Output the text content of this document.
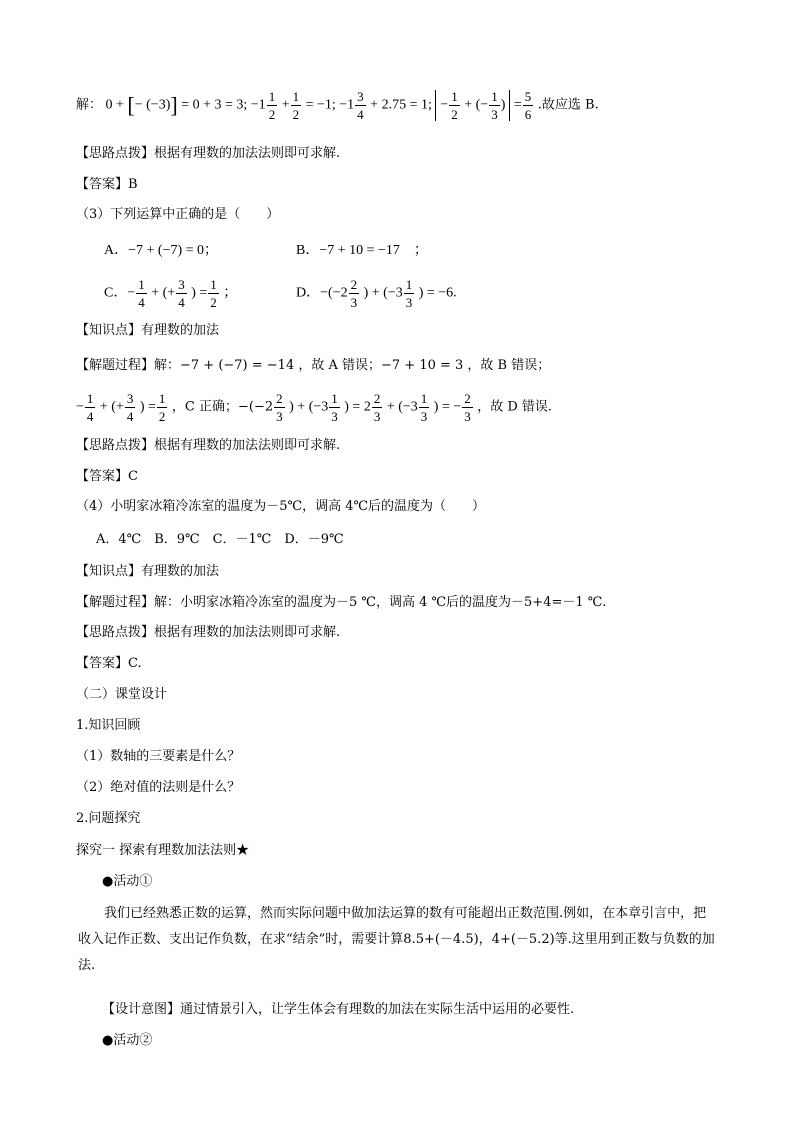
解： 0 + [− (−3)] = 0 + 3 = 3; $-1 \frac{1}{2} + \frac{1}{2} = -1$; $-1 \frac{3}{4} + 2.75 = 1$; − $\frac{1}{2}$ + (− $\frac{1}{3}$ ) = $\frac{5}{6}$ .故应选 B.
【思路点拨】根据有理数的加法法则即可求解.
【答案】B
（3）下列运算中正确的是（　　）
A．−7 + (−7) = 0；	B．−7 + 10 = −17　；
C．− $\frac{1}{4}$ + (+ $\frac{3}{4}$ ) = $\frac{1}{2}$ ；	D．$-(-2 \frac{2}{3}$ ) + ($-3 \frac{1}{3}$ ) = −6.
【知识点】有理数的加法
【解题过程】解：−7 + (−7) = −14 ，故 A 错误；−7 + 10 = 3 ，故 B 错误；
− $\frac{1}{4}$ + (+ $\frac{3}{4}$ ) = $\frac{1}{2}$ ，C 正确；$-(-2 \frac{2}{3}$ ) + ($-3 \frac{1}{3}$ ) = $2 \frac{2}{3} + (-3 \frac{1}{3}$ ) = − $\frac{2}{3}$ ，故 D 错误.
【思路点拨】根据有理数的加法法则即可求解.
【答案】C
（4）小明家冰箱冷冻室的温度为－5℃，调高 4℃后的温度为（　　）
A．4℃　B．9℃　C．－1℃　D．－9℃
【知识点】有理数的加法
【解题过程】解：小明家冰箱冷冻室的温度为－5 ℃，调高 4 ℃后的温度为－5+4=－1 ℃.
【思路点拨】根据有理数的加法法则即可求解.
【答案】C.
（二）课堂设计
1.知识回顾
（1）数轴的三要素是什么？
（2）绝对值的法则是什么？
2.问题探究
探究一 探索有理数加法法则★
●活动①
我们已经熟悉正数的运算，然而实际问题中做加法运算的数有可能超出正数范围.例如，在本章引言中，把收入记作正数、支出记作负数，在求“结余”时，需要计算8.5+(－4.5)，4+(－5.2)等.这里用到正数与负数的加法.
【设计意图】通过情景引入，让学生体会有理数的加法在实际生活中运用的必要性.
●活动②
